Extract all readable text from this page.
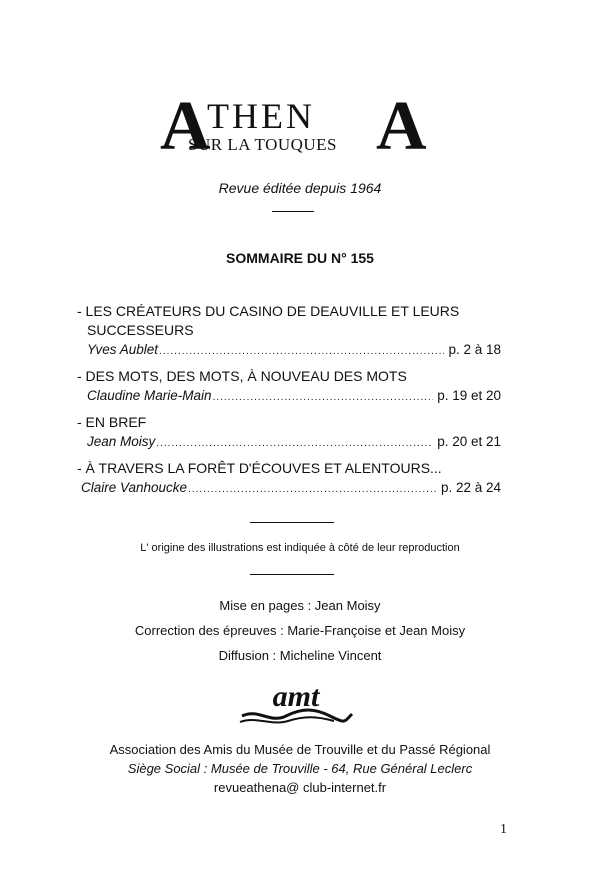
A
THEN
SUR LA TOUQUES A
Revue éditée depuis 1964
SOMMAIRE DU N° 155
- LES CRÉATEURS DU CASINO DE DEAUVILLE ET LEURS
SUCCESSEURS
Yves Aublet .....	p. 2 à 18
- DES MOTS, DES MOTS, À NOUVEAU DES MOTS
Claudine Marie-Main .....	p. 19 et 20
- EN BREF
Jean Moisy .....	p. 20 et 21
- À TRAVERS LA FORÊT D'ÉCOUVES ET ALENTOURS...
Claire Vanhoucke .....	p. 22 à 24
L' origine des illustrations est indiquée à côté de leur reproduction
Mise en pages : Jean Moisy
Correction des épreuves : Marie-Françoise et Jean Moisy
Diffusion : Micheline Vincent
amt
Association des Amis du Musée de Trouville et du Passé Régional
Siège Social : Musée de Trouville - 64, Rue Général Leclerc
revueathena@ club-internet.fr
1
